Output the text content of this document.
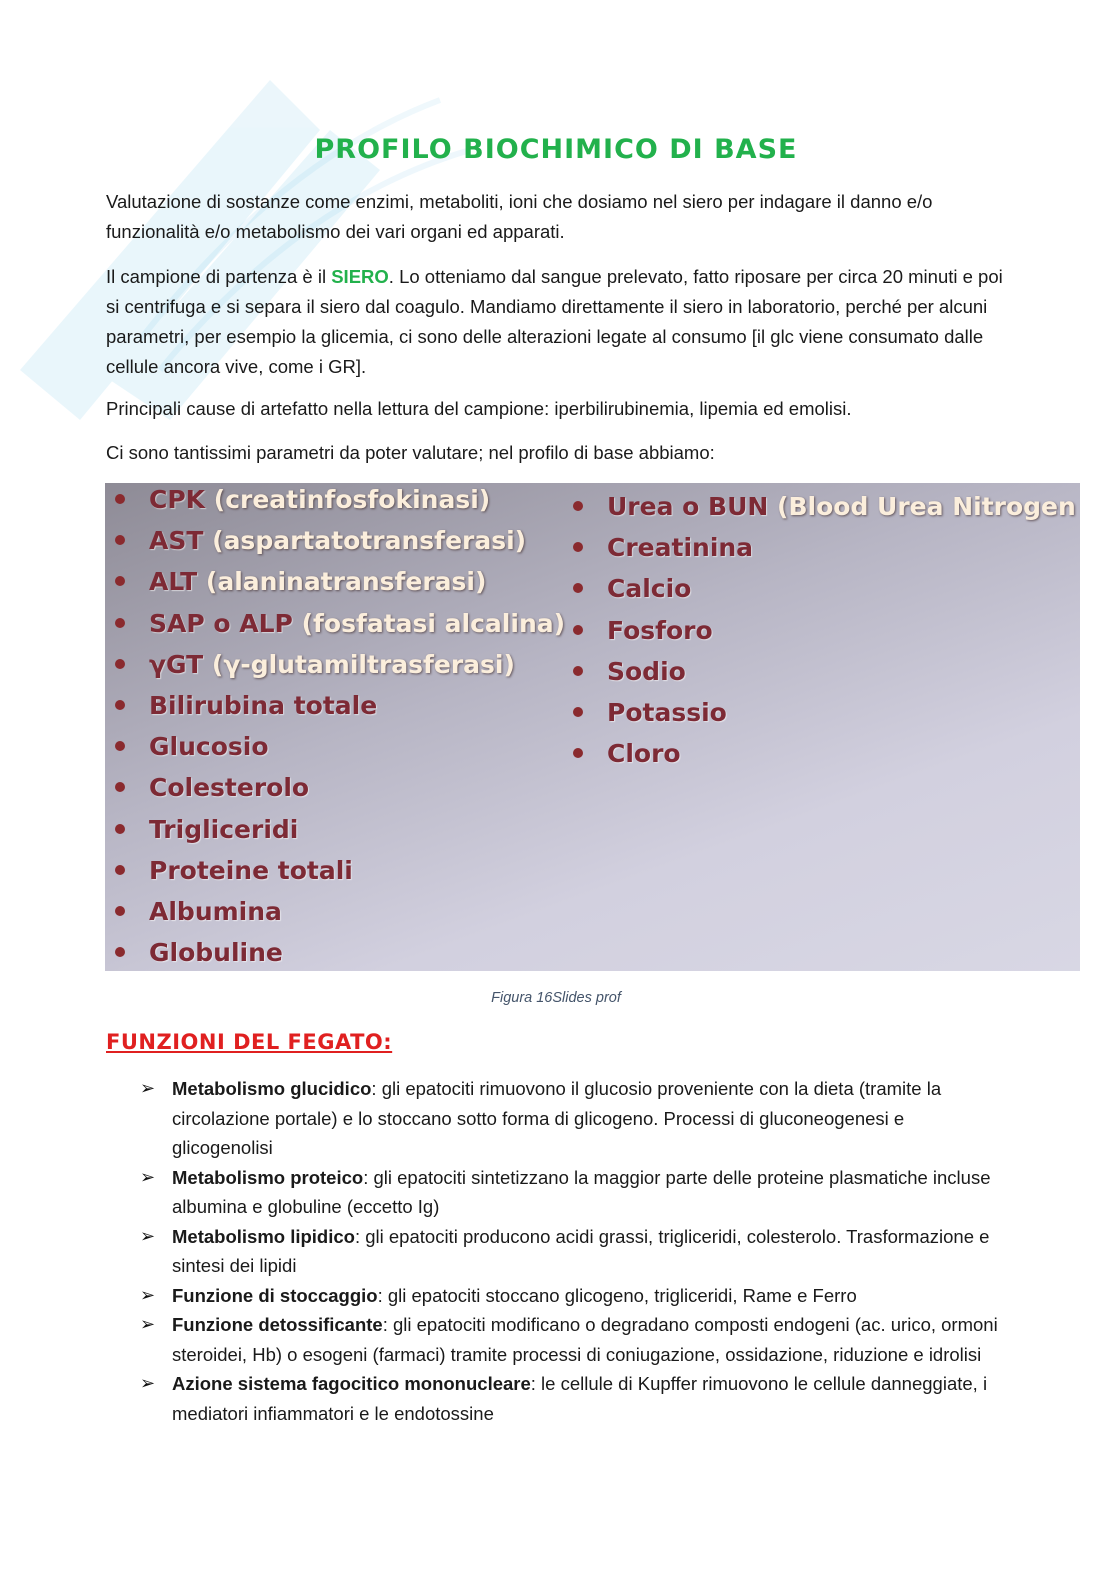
PROFILO BIOCHIMICO DI BASE

Valutazione di sostanze come enzimi, metaboliti, ioni che dosiamo nel siero per indagare il danno e/o funzionalità e/o metabolismo dei vari organi ed apparati.

Il campione di partenza è il SIERO. Lo otteniamo dal sangue prelevato, fatto riposare per circa 20 minuti e poi si centrifuga e si separa il siero dal coagulo. Mandiamo direttamente il siero in laboratorio, perché per alcuni parametri, per esempio la glicemia, ci sono delle alterazioni legate al consumo [il glc viene consumato dalle cellule ancora vive, come i GR].

Principali cause di artefatto nella lettura del campione: iperbilirubinemia, lipemia ed emolisi.

Ci sono tantissimi parametri da poter valutare; nel profilo di base abbiamo:

Figura 16Slides prof

FUNZIONI DEL FEGATO:
➢ Metabolismo glucidico: gli epatociti rimuovono il glucosio proveniente con la dieta (tramite la circolazione portale) e lo stoccano sotto forma di glicogeno. Processi di gluconeogenesi e glicogenolisi
➢ Metabolismo proteico: gli epatociti sintetizzano la maggior parte delle proteine plasmatiche incluse albumina e globuline (eccetto Ig)
➢ Metabolismo lipidico: gli epatociti producono acidi grassi, trigliceridi, colesterolo. Trasformazione e sintesi dei lipidi
➢ Funzione di stoccaggio: gli epatociti stoccano glicogeno, trigliceridi, Rame e Ferro
➢ Funzione detossificante: gli epatociti modificano o degradano composti endogeni (ac. urico, ormoni steroidei, Hb) o esogeni (farmaci) tramite processi di coniugazione, ossidazione, riduzione e idrolisi
➢ Azione sistema fagocitico mononucleare: le cellule di Kupffer rimuovono le cellule danneggiate, i mediatori infiammatori e le endotossine
CPK (creatinfosfokinasi)
AST (aspartatotransferasi)
ALT (alaninatransferasi)
SAP o ALP (fosfatasi alcalina)
γGT (γ-glutamiltrasferasi)
Bilirubina totale
Glucosio
Colesterolo
Trigliceridi
Proteine totali
Albumina
Globuline
Urea o BUN (Blood Urea Nitrogen
Creatinina
Calcio
Fosforo
Sodio
Potassio
Cloro
